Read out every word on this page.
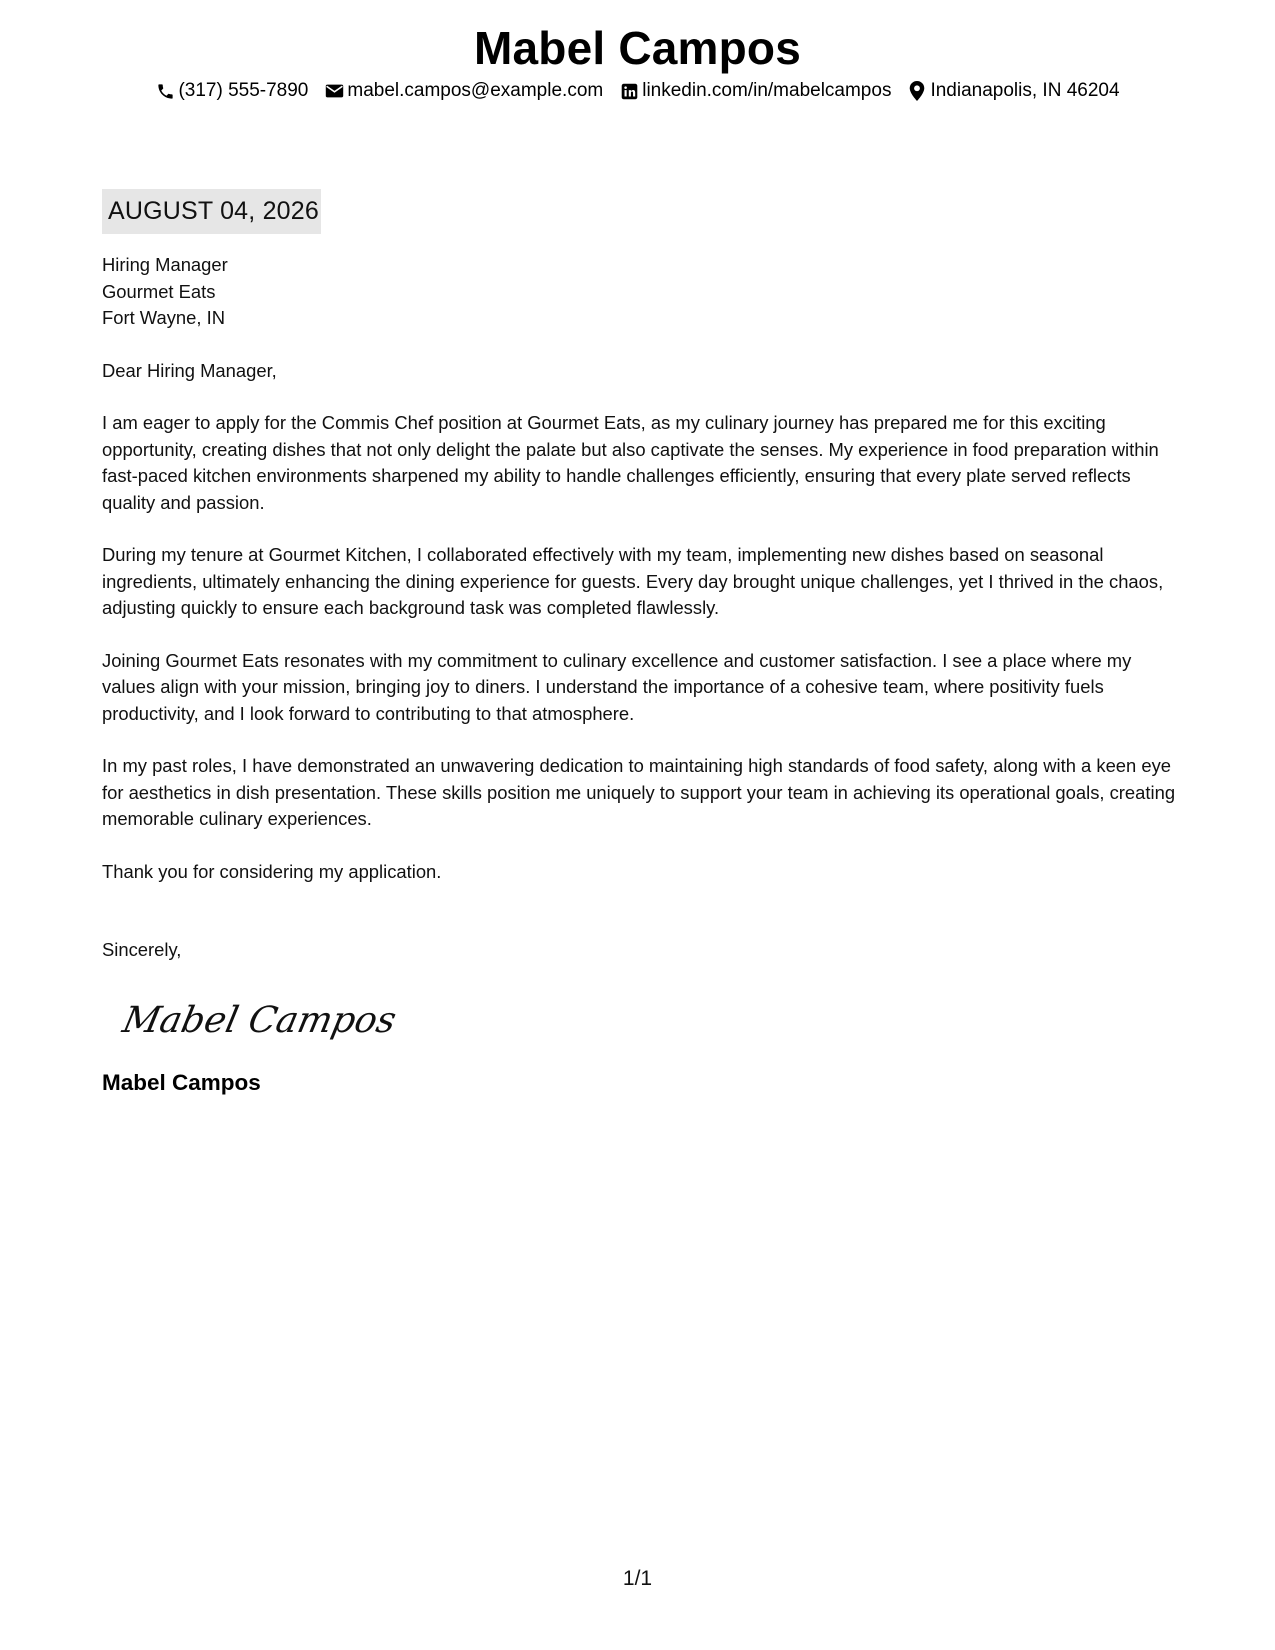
Mabel Campos
(317) 555-7890 mabel.campos@example.com linkedin.com/in/mabelcampos Indianapolis, IN 46204
AUGUST 04, 2026
Hiring Manager
Gourmet Eats
Fort Wayne, IN
Dear Hiring Manager,

I am eager to apply for the Commis Chef position at Gourmet Eats, as my culinary journey has prepared me for this exciting opportunity, creating dishes that not only delight the palate but also captivate the senses. My experience in food preparation within fast-paced kitchen environments sharpened my ability to handle challenges efficiently, ensuring that every plate served reflects quality and passion.

During my tenure at Gourmet Kitchen, I collaborated effectively with my team, implementing new dishes based on seasonal ingredients, ultimately enhancing the dining experience for guests. Every day brought unique challenges, yet I thrived in the chaos, adjusting quickly to ensure each background task was completed flawlessly.

Joining Gourmet Eats resonates with my commitment to culinary excellence and customer satisfaction. I see a place where my values align with your mission, bringing joy to diners. I understand the importance of a cohesive team, where positivity fuels productivity, and I look forward to contributing to that atmosphere.

In my past roles, I have demonstrated an unwavering dedication to maintaining high standards of food safety, along with a keen eye for aesthetics in dish presentation. These skills position me uniquely to support your team in achieving its operational goals, creating memorable culinary experiences.

Thank you for considering my application.
Sincerely,
Mabel Campos
Mabel Campos
1/1
